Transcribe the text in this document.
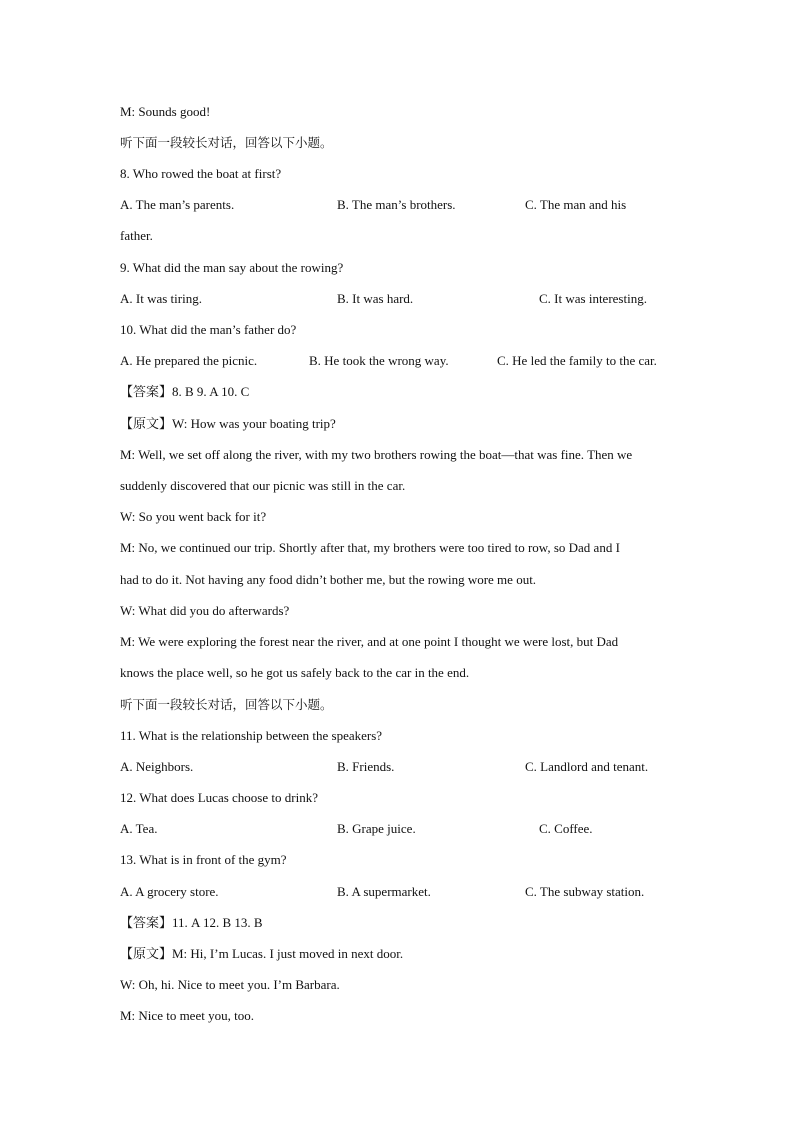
M: Sounds good!
听下面一段较长对话，回答以下小题。
8. Who rowed the boat at first?
A. The man’s parents.	B. The man’s brothers.	C. The man and his
father.
9. What did the man say about the rowing?
A. It was tiring.	B. It was hard.	C. It was interesting.
10. What did the man’s father do?
A. He prepared the picnic.	B. He took the wrong way.	C. He led the family to the car.
【答案】8. B 9. A 10. C
【原文】W: How was your boating trip?
M: Well, we set off along the river, with my two brothers rowing the boat—that was fine. Then we
suddenly discovered that our picnic was still in the car.
W: So you went back for it?
M: No, we continued our trip. Shortly after that, my brothers were too tired to row, so Dad and I
had to do it. Not having any food didn’t bother me, but the rowing wore me out.
W: What did you do afterwards?
M: We were exploring the forest near the river, and at one point I thought we were lost, but Dad
knows the place well, so he got us safely back to the car in the end.
听下面一段较长对话，回答以下小题。
11. What is the relationship between the speakers?
A. Neighbors.	B. Friends.	C. Landlord and tenant.
12. What does Lucas choose to drink?
A. Tea.	B. Grape juice.	C. Coffee.
13. What is in front of the gym?
A. A grocery store.	B. A supermarket.	C. The subway station.
【答案】11. A 12. B 13. B
【原文】M: Hi, I’m Lucas. I just moved in next door.
W: Oh, hi. Nice to meet you. I’m Barbara.
M: Nice to meet you, too.
